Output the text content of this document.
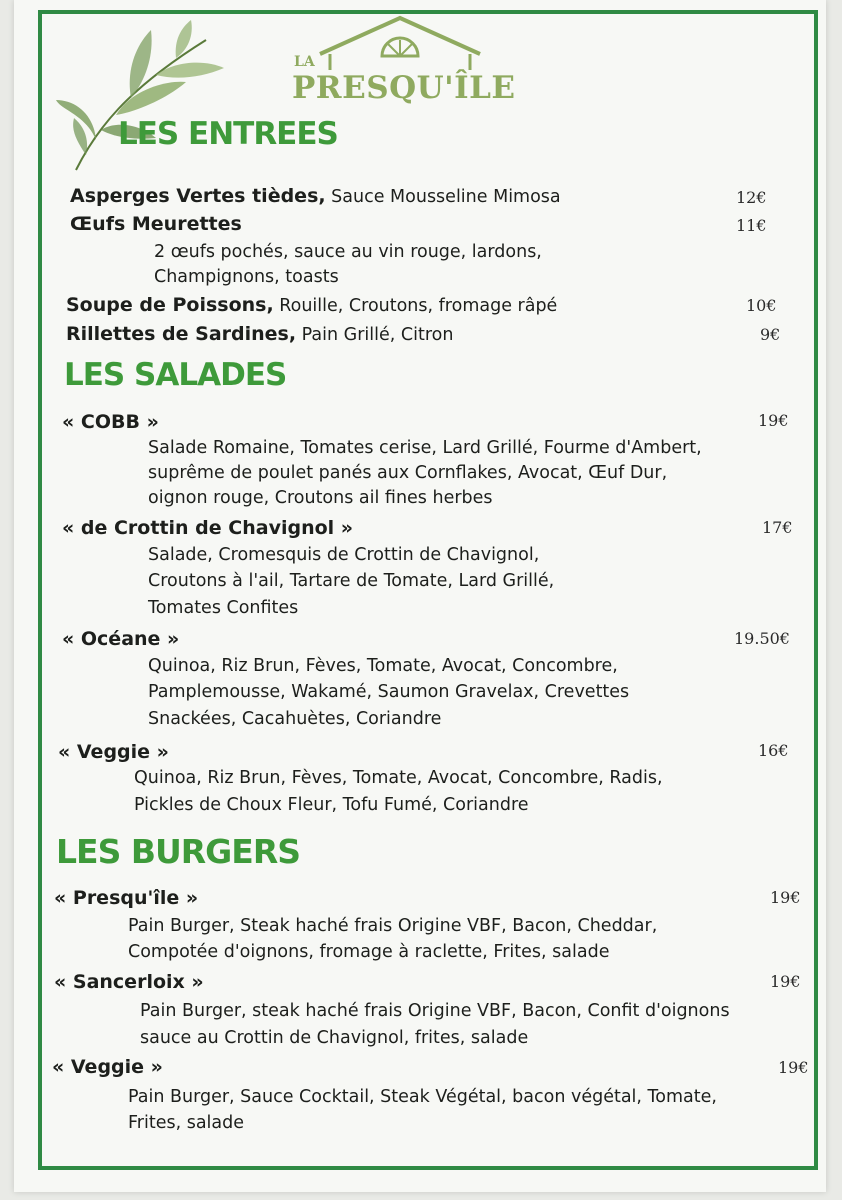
LA
PRESQU'ÎLE
LES ENTREES
Asperges Vertes tièdes, Sauce Mousseline Mimosa	12€
Œufs Meurettes	11€
2 œufs pochés, sauce au vin rouge, lardons,
Champignons, toasts
Soupe de Poissons, Rouille, Croutons, fromage râpé	10€
Rillettes de Sardines, Pain Grillé, Citron	9€
LES SALADES
« COBB »	19€
Salade Romaine, Tomates cerise, Lard Grillé, Fourme d'Ambert,
suprême de poulet panés aux Cornflakes, Avocat, Œuf Dur,
oignon rouge, Croutons ail fines herbes
« de Crottin de Chavignol »	17€
Salade, Cromesquis de Crottin de Chavignol,
Croutons à l'ail, Tartare de Tomate, Lard Grillé,
Tomates Confites
« Océane »	19.50€
Quinoa, Riz Brun, Fèves, Tomate, Avocat, Concombre,
Pamplemousse, Wakamé, Saumon Gravelax, Crevettes
Snackées, Cacahuètes, Coriandre
« Veggie »	16€
Quinoa, Riz Brun, Fèves, Tomate, Avocat, Concombre, Radis,
Pickles de Choux Fleur, Tofu Fumé, Coriandre
LES BURGERS
« Presqu'île »	19€
Pain Burger, Steak haché frais Origine VBF, Bacon, Cheddar,
Compotée d'oignons, fromage à raclette, Frites, salade
« Sancerloix »	19€
Pain Burger, steak haché frais Origine VBF, Bacon, Confit d'oignons
sauce au Crottin de Chavignol, frites, salade
« Veggie »	19€
Pain Burger, Sauce Cocktail, Steak Végétal, bacon végétal, Tomate,
Frites, salade
